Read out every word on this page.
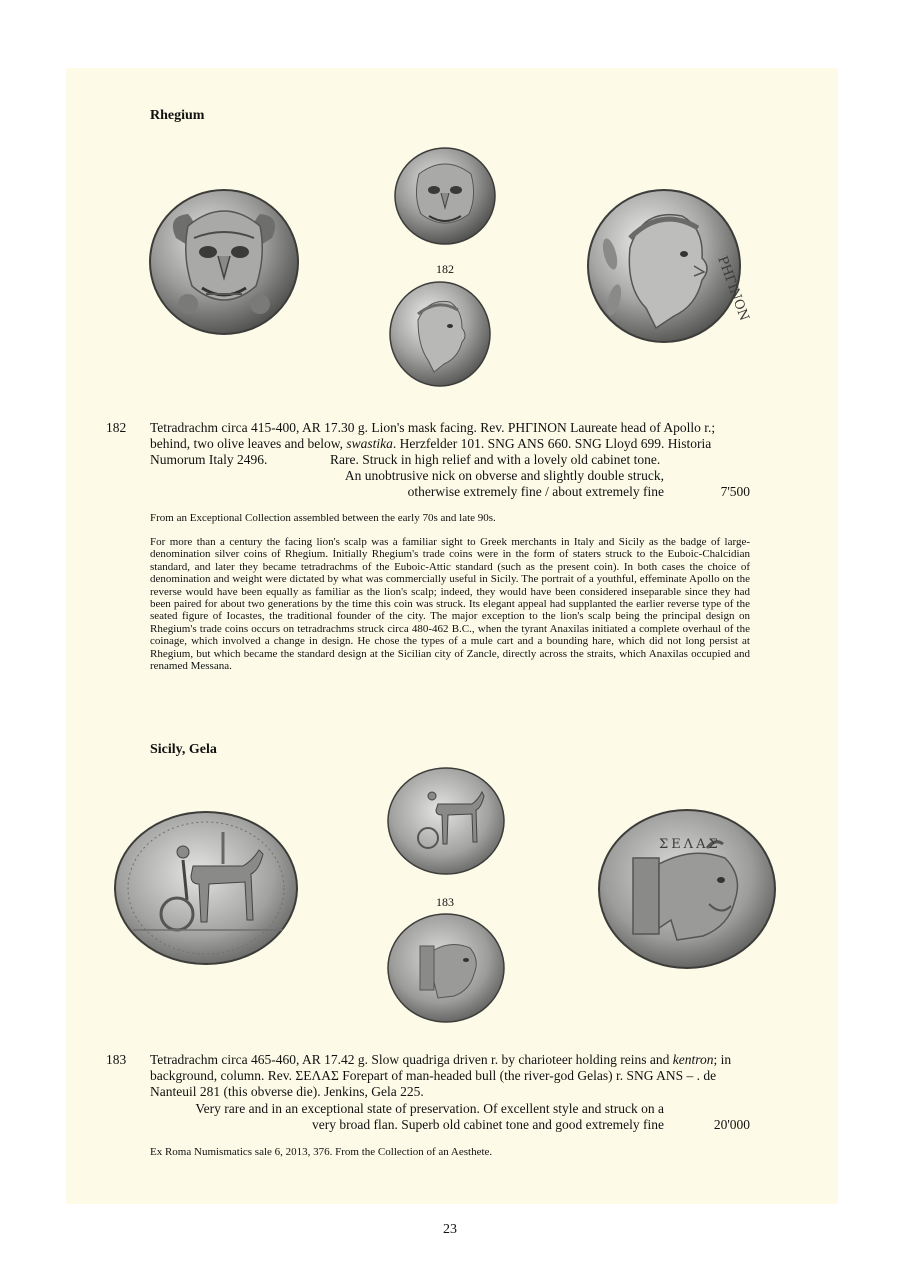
Rhegium
182	ΡΗΓΙΝΟΝ
182 Tetradrachm circa 415-400, AR 17.30 g. Lion's mask facing. Rev. ΡΗΓΙΝΟΝ Laureate head of Apollo r.;
behind, two olive leaves and below, swastika. Herzfelder 101. SNG ANS 660. SNG Lloyd 699. Historia
Numorum Italy 2496.	Rare. Struck in high relief and with a lovely old cabinet tone.
An unobtrusive nick on obverse and slightly double struck,
otherwise extremely fine / about extremely fine	7'500
From an Exceptional Collection assembled between the early 70s and late 90s.
For more than a century the facing lion's scalp was a familiar sight to Greek merchants in Italy and Sicily as the badge of large-denomination silver coins of Rhegium. Initially Rhegium's trade coins were in the form of staters struck to the Euboic-Chalcidian standard, and later they became tetradrachms of the Euboic-Attic standard (such as the present coin). In both cases the choice of denomination and weight were dictated by what was commercially useful in Sicily. The portrait of a youthful, effeminate Apollo on the reverse would have been equally as familiar as the lion's scalp; indeed, they would have been considered inseparable since they had been paired for about two generations by the time this coin was struck. Its elegant appeal had supplanted the earlier reverse type of the seated figure of Iocastes, the traditional founder of the city. The major exception to the lion's scalp being the principal design on Rhegium's trade coins occurs on tetradrachms struck circa 480-462 B.C., when the tyrant Anaxilas initiated a complete overhaul of the coinage, which involved a change in design. He chose the types of a mule cart and a bounding hare, which did not long persist at Rhegium, but which became the standard design at the Sicilian city of Zancle, directly across the straits, which Anaxilas occupied and renamed Messana.
Sicily, Gela
183
ΣΕΛΑΣ
183 Tetradrachm circa 465-460, AR 17.42 g. Slow quadriga driven r. by charioteer holding reins and kentron; in
background, column. Rev. ΣΕΛΑΣ Forepart of man-headed bull (the river-god Gelas) r. SNG ANS – . de
Nanteuil 281 (this obverse die). Jenkins, Gela 225.
Very rare and in an exceptional state of preservation. Of excellent style and struck on a
very broad flan. Superb old cabinet tone and good extremely fine	20'000
Ex Roma Numismatics sale 6, 2013, 376. From the Collection of an Aesthete.
23
